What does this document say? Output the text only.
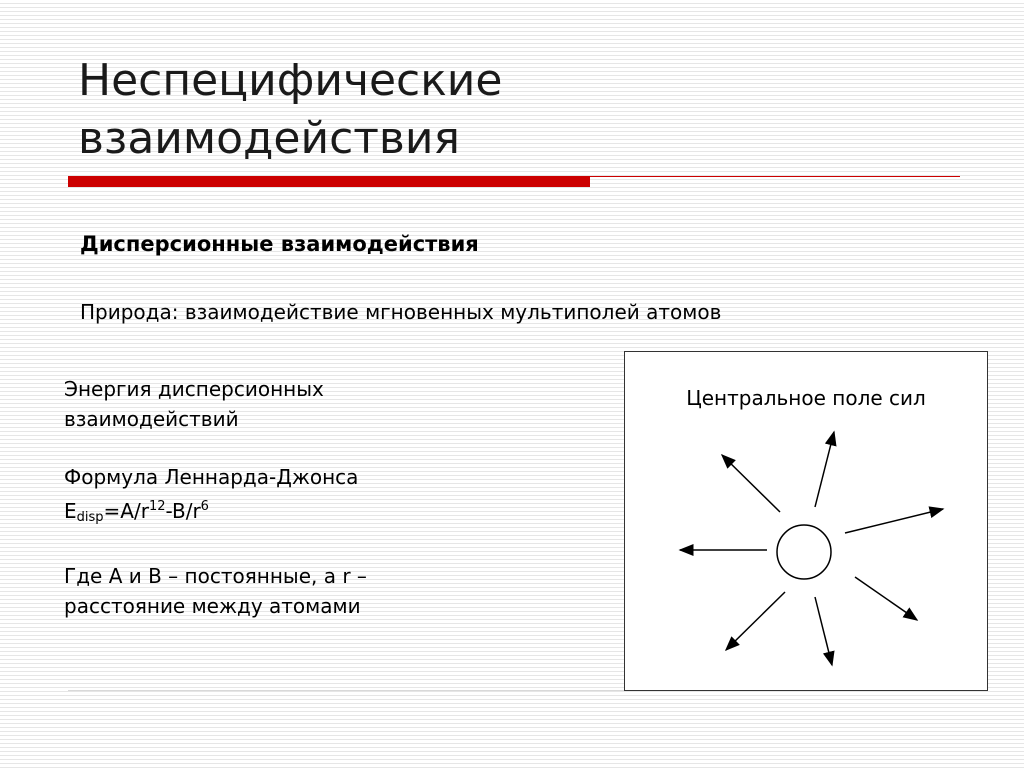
Неспецифические
взаимодействия
Дисперсионные взаимодействия
Природа: взаимодействие мгновенных мультиполей атомов

Энергия дисперсионных

взаимодействий

Формула Леннарда-Джонса

$E_{disp}=A/r^{12}-B/r^6$

Где A и B – постоянные, а r –

расстояние между атомами

Центральное поле сил
